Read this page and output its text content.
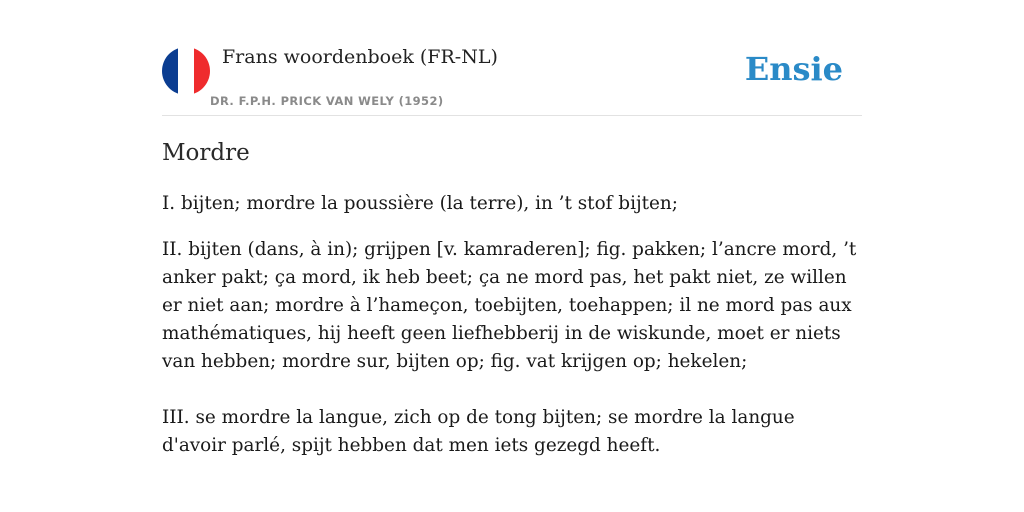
Frans woordenboek (FR-NL)
DR. F.P.H. PRICK VAN WELY (1952)
Ensie
Mordre

I. bijten; mordre la poussière (la terre), in ’t stof bijten;

II. bijten (dans, à in); grijpen [v. kamraderen]; fig. pakken; l’ancre mord, ’t anker pakt; ça mord, ik heb beet; ça ne mord pas, het pakt niet, ze willen er niet aan; mordre à l’hameçon, toebijten, toehappen; il ne mord pas aux mathématiques, hij heeft geen liefhebberij in de wiskunde, moet er niets van hebben; mordre sur, bijten op; fig. vat krijgen op; hekelen;

III. se mordre la langue, zich op de tong bijten; se mordre la langue d'avoir parlé, spijt hebben dat men iets gezegd heeft.
